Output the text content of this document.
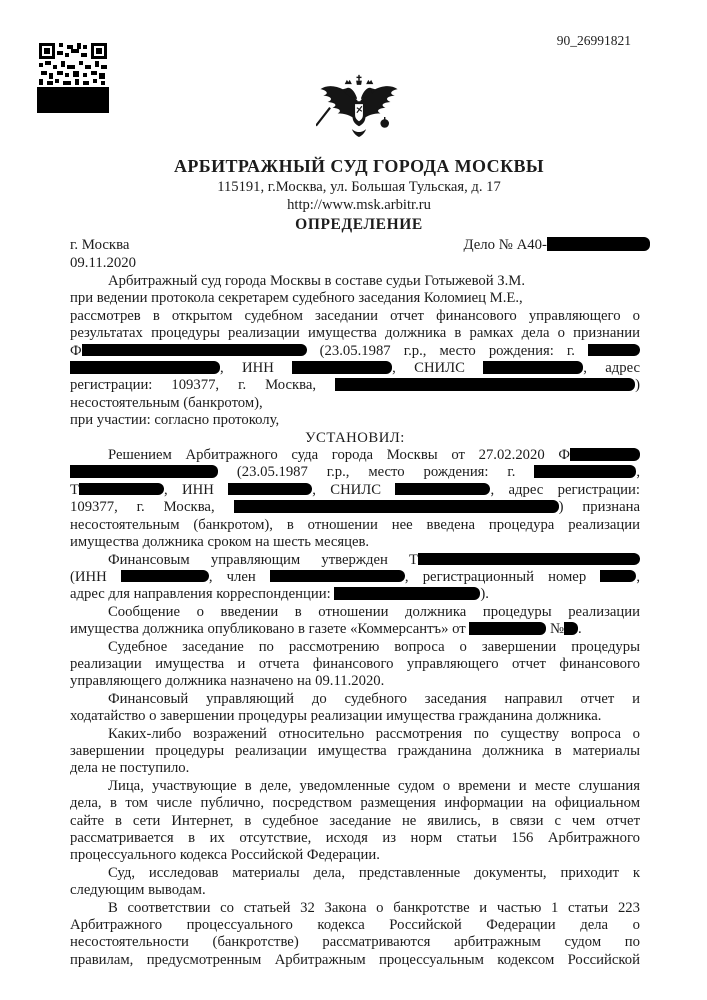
90_26991821
АРБИТРАЖНЫЙ СУД ГОРОДА МОСКВЫ
115191, г.Москва, ул. Большая Тульская, д. 17
http://www.msk.arbitr.ru
ОПРЕДЕЛЕНИЕ
г. Москва	Дело № А40-
09.11.2020
Арбитражный суд города Москвы в составе судьи Готыжевой З.М.
при ведении протокола секретарем судебного заседания Коломиец М.Е.,
рассмотрев в открытом судебном заседании отчет финансового управляющего о
результатах процедуры реализации имущества должника в рамках дела о признании
Ф	(23.05.1987 г.р., место рождения: г.
, ИНН	, СНИЛС	, адрес
регистрации: 109377, г. Москва,	)
несостоятельным (банкротом),
при участии: согласно протоколу,
УСТАНОВИЛ:
Решением Арбитражного суда города Москвы от 27.02.2020 Ф
(23.05.1987 г.р., место рождения: г.	,
Т	, ИНН	, СНИЛС	, адрес регистрации:
109377, г. Москва,	) признана
несостоятельным (банкротом), в отношении нее введена процедура реализации
имущества должника сроком на шесть месяцев.
Финансовым управляющим утвержден Т
(ИНН	, член	, регистрационный номер ,
адрес для направления корреспонденции:	).
Сообщение о введении в отношении должника процедуры реализации
имущества должника опубликовано в газете «Коммерсантъ» от	№ .
Судебное заседание по рассмотрению вопроса о завершении процедуры
реализации имущества и отчета финансового управляющего отчет финансового
управляющего должника назначено на 09.11.2020.
Финансовый управляющий до судебного заседания направил отчет и
ходатайство о завершении процедуры реализации имущества гражданина должника.
Каких-либо возражений относительно рассмотрения по существу вопроса о
завершении процедуры реализации имущества гражданина должника в материалы
дела не поступило.
Лица, участвующие в деле, уведомленные судом о времени и месте слушания
дела, в том числе публично, посредством размещения информации на официальном
сайте в сети Интернет, в судебное заседание не явились, в связи с чем отчет
рассматривается в их отсутствие, исходя из норм статьи 156 Арбитражного
процессуального кодекса Российской Федерации.
Суд, исследовав материалы дела, представленные документы, приходит к
следующим выводам.
В соответствии со статьей 32 Закона о банкротстве и частью 1 статьи 223
Арбитражного процессуального кодекса Российской Федерации дела о
несостоятельности (банкротстве) рассматриваются арбитражным судом по
правилам, предусмотренным Арбитражным процессуальным кодексом Российской
